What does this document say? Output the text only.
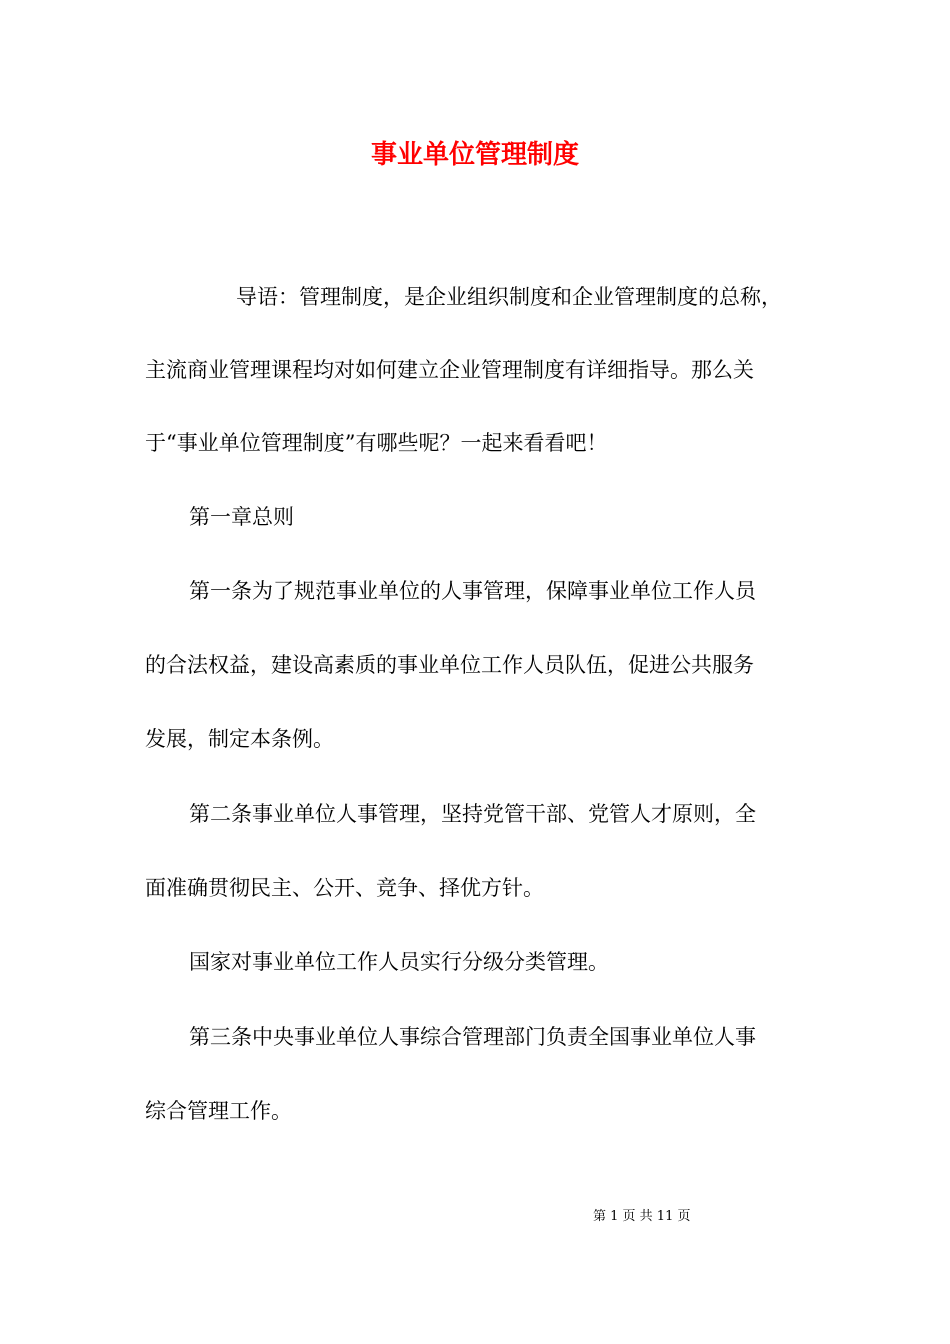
事业单位管理制度

导语：管理制度，是企业组织制度和企业管理制度的总称，

主流商业管理课程均对如何建立企业管理制度有详细指导。那么关

于“事业单位管理制度”有哪些呢？一起来看看吧！

第一章总则

第一条为了规范事业单位的人事管理，保障事业单位工作人员

的合法权益，建设高素质的事业单位工作人员队伍，促进公共服务

发展，制定本条例。

第二条事业单位人事管理，坚持党管干部、党管人才原则，全

面准确贯彻民主、公开、竞争、择优方针。

国家对事业单位工作人员实行分级分类管理。

第三条中央事业单位人事综合管理部门负责全国事业单位人事

综合管理工作。

第 1 页 共 11 页
